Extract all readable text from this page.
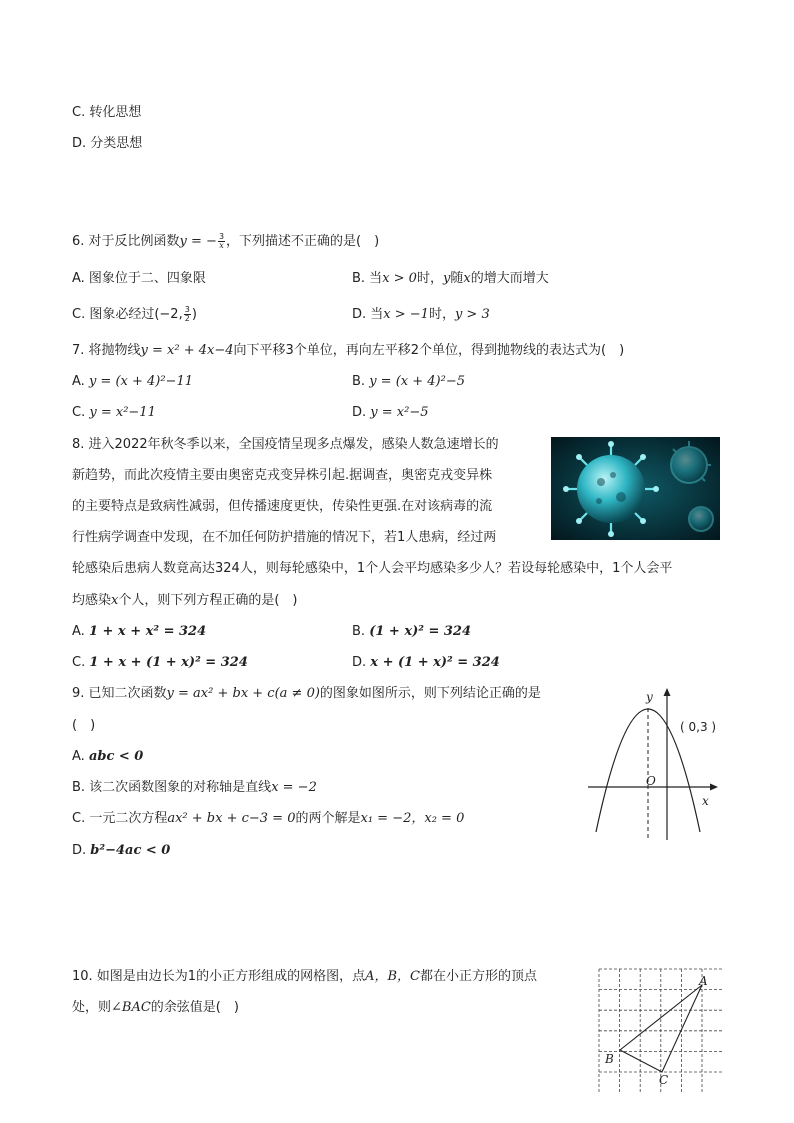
C. 转化思想
D. 分类思想
6. 对于反比例函数y = − $\frac{3}{x}$ ，下列描述不正确的是(　)
A. 图象位于二、四象限	B. 当x > 0时，y随x的增大而增大
C. 图象必经过(−2, $\frac{3}{2}$ )	D. 当x > −1时，y > 3
7. 将抛物线y = x² + 4x−4向下平移3个单位，再向左平移2个单位，得到抛物线的表达式为(　)
A. y = (x + 4)²−11	B. y = (x + 4)²−5
C. y = x²−11	D. y = x²−5
8. 进入2022年秋冬季以来，全国疫情呈现多点爆发，感染人数急速增长的
新趋势，而此次疫情主要由奥密克戎变异株引起.据调查，奥密克戎变异株
的主要特点是致病性减弱，但传播速度更快，传染性更强.在对该病毒的流
行性病学调查中发现，在不加任何防护措施的情况下，若1人患病，经过两
轮感染后患病人数竟高达324人，则每轮感染中，1个人会平均感染多少人？若设每轮感染中，1个人会平
均感染x个人，则下列方程正确的是(　)
A. 1 + x + x² = 324	B. (1 + x)² = 324
C. 1 + x + (1 + x)² = 324	D. x + (1 + x)² = 324
9. 已知二次函数y = ax² + bx + c(a ≠ 0)的图象如图所示，则下列结论正确的是
(　)
A. abc < 0
B. 该二次函数图象的对称轴是直线x = −2
C. 一元二次方程ax² + bx + c−3 = 0的两个解是x₁ = −2，x₂ = 0
D. b²−4ac < 0
y
x
O
( 0,3 )
10. 如图是由边长为1的小正方形组成的网格图，点A，B，C都在小正方形的顶点
处，则∠BAC的余弦值是(　)
A
B
C
